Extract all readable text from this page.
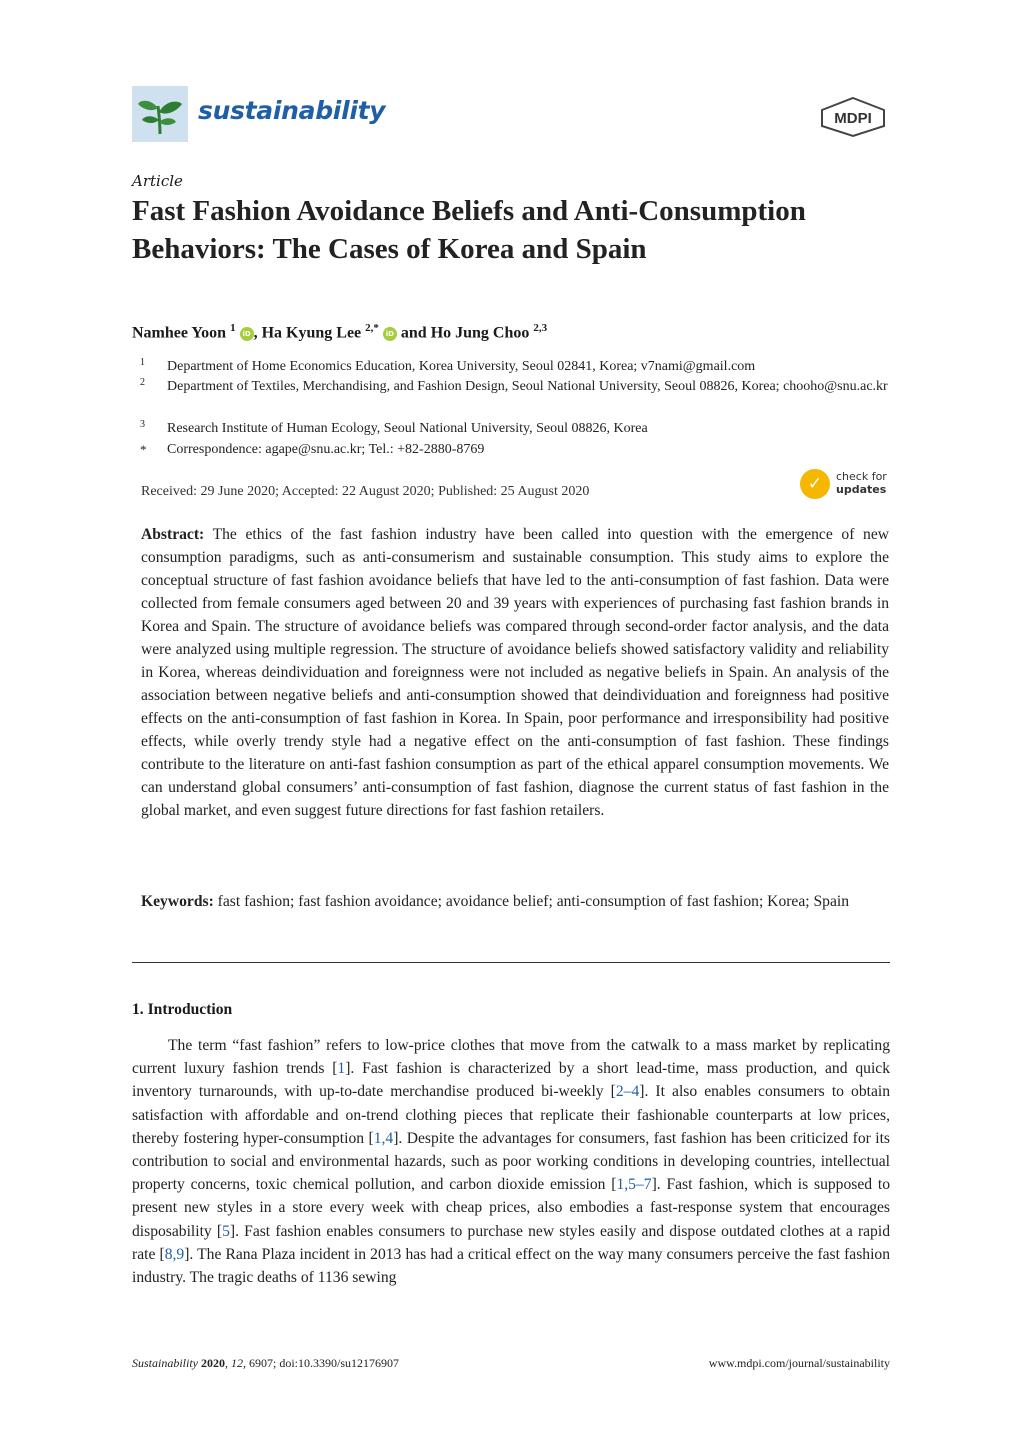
sustainability	MDPI
Article
Fast Fashion Avoidance Beliefs and Anti-Consumption Behaviors: The Cases of Korea and Spain
Namhee Yoon $^1$ iD , Ha Kyung Lee $^{2,*}$ iD and Ho Jung Choo $^{2,3}$
1 Department of Home Economics Education, Korea University, Seoul 02841, Korea; v7nami@gmail.com
2 Department of Textiles, Merchandising, and Fashion Design, Seoul National University, Seoul 08826, Korea; chooho@snu.ac.kr
3 Research Institute of Human Ecology, Seoul National University, Seoul 08826, Korea
* Correspondence: agape@snu.ac.kr; Tel.: +82-2880-8769
Received: 29 June 2020; Accepted: 22 August 2020; Published: 25 August 2020	✓	check for
updates
Abstract: The ethics of the fast fashion industry have been called into question with the emergence of new consumption paradigms, such as anti-consumerism and sustainable consumption. This study aims to explore the conceptual structure of fast fashion avoidance beliefs that have led to the anti-consumption of fast fashion. Data were collected from female consumers aged between 20 and 39 years with experiences of purchasing fast fashion brands in Korea and Spain. The structure of avoidance beliefs was compared through second-order factor analysis, and the data were analyzed using multiple regression. The structure of avoidance beliefs showed satisfactory validity and reliability in Korea, whereas deindividuation and foreignness were not included as negative beliefs in Spain. An analysis of the association between negative beliefs and anti-consumption showed that deindividuation and foreignness had positive effects on the anti-consumption of fast fashion in Korea. In Spain, poor performance and irresponsibility had positive effects, while overly trendy style had a negative effect on the anti-consumption of fast fashion. These findings contribute to the literature on anti-fast fashion consumption as part of the ethical apparel consumption movements. We can understand global consumers’ anti-consumption of fast fashion, diagnose the current status of fast fashion in the global market, and even suggest future directions for fast fashion retailers.
Keywords: fast fashion; fast fashion avoidance; avoidance belief; anti-consumption of fast fashion; Korea; Spain
1. Introduction
The term “fast fashion” refers to low-price clothes that move from the catwalk to a mass market by replicating current luxury fashion trends [1]. Fast fashion is characterized by a short lead-time, mass production, and quick inventory turnarounds, with up-to-date merchandise produced bi-weekly [2–4]. It also enables consumers to obtain satisfaction with affordable and on-trend clothing pieces that replicate their fashionable counterparts at low prices, thereby fostering hyper-consumption [1,4]. Despite the advantages for consumers, fast fashion has been criticized for its contribution to social and environmental hazards, such as poor working conditions in developing countries, intellectual property concerns, toxic chemical pollution, and carbon dioxide emission [1,5–7]. Fast fashion, which is supposed to present new styles in a store every week with cheap prices, also embodies a fast-response system that encourages disposability [5]. Fast fashion enables consumers to purchase new styles easily and dispose outdated clothes at a rapid rate [8,9]. The Rana Plaza incident in 2013 has had a critical effect on the way many consumers perceive the fast fashion industry. The tragic deaths of 1136 sewing
Sustainability 2020, 12, 6907; doi:10.3390/su12176907	www.mdpi.com/journal/sustainability
